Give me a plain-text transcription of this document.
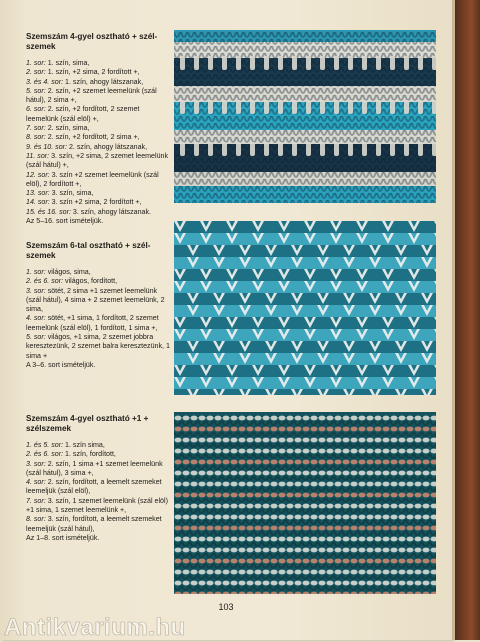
Szemszám 4-gyel osztható + szél-szemek

1. sor: 1. szín, sima,

2. sor: 1. szín, +2 sima, 2 fordított +,

3. és 4. sor: 1. szín, ahogy látszanak,

5. sor: 2. szín, +2 szemet leemelünk (szál hátul), 2 sima +,

6. sor: 2. szín, +2 fordított, 2 szemet leemelünk (szál elöl) +,

7. sor: 2. szín, sima,

8. sor: 2. szín, +2 fordított, 2 sima +,

9. és 10. sor: 2. szín, ahogy látszanak,

11. sor: 3. szín, +2 sima, 2 szemet leemelünk (szál hátul) +,

12. sor: 3. szín +2 szemet leemelünk (szál elöl), 2 fordított +,

13. sor: 3. szín, sima,

14. sor: 3. szín +2 sima, 2 fordított +,

15. és 16. sor: 3. szín, ahogy látszanak.

Az 5–16. sort ismételjük.

Szemszám 6-tal osztható + szél-szemek

1. sor: világos, sima,

2. és 6. sor: világos, fordított,

3. sor: sötét, 2 sima +1 szemet leemelünk (szál hátul), 4 sima + 2 szemet leemelünk, 2 sima,

4. sor: sötét, +1 sima, 1 fordított, 2 szemet leemelünk (szál elöl), 1 fordított, 1 sima +,

5. sor: világos, +1 sima, 2 szemet jobbra keresztezünk, 2 szemet balra keresztezünk, 1 sima +

A 3–6. sort ismételjük.

Szemszám 4-gyel osztható +1 + szélszemek

1. és 5. sor: 1. szín sima,

2. és 6. sor: 1. szín, fordított,

3. sor: 2. szín, 1 sima +1 szemet leemelünk (szál hátul), 3 sima +,

4. sor: 2. szín, fordított, a leemelt szemeket leemeljük (szál elöl),

7. sor: 3. szín, 1 szemet leemelünk (szál elöl) +1 sima, 1 szemet leemelünk +,

8. sor: 3. szín, fordított, a leemelt szemeket leemeljük (szál hátul),

Az 1–8. sort ismételjük.

103
Antikvarium.hu
